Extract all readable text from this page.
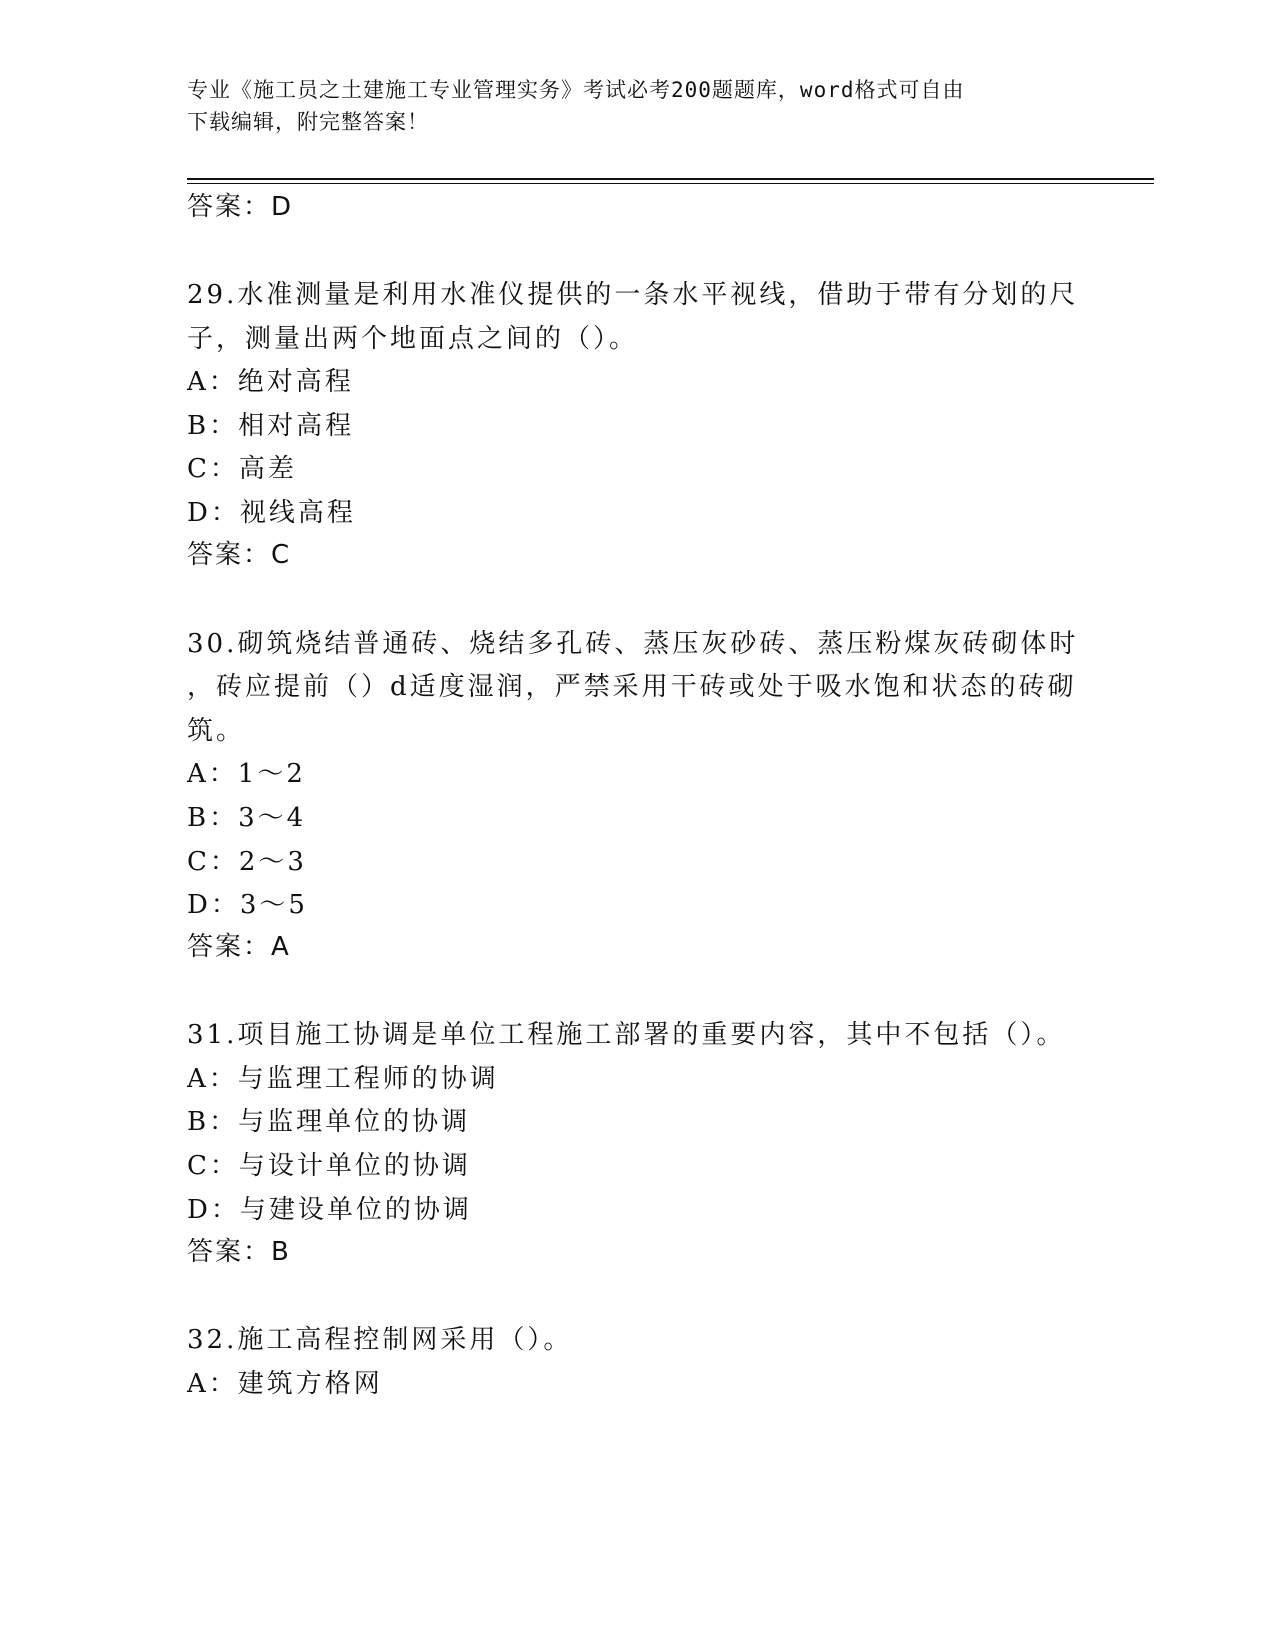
专业《施工员之土建施工专业管理实务》考试必考200题题库，word格式可自由
下载编辑，附完整答案！
答案：D
29.水准测量是利用水准仪提供的一条水平视线，借助于带有分划的尺
子，测量出两个地面点之间的（）。
A：绝对高程
B：相对高程
C：高差
D：视线高程
答案：C
30.砌筑烧结普通砖、烧结多孔砖、蒸压灰砂砖、蒸压粉煤灰砖砌体时
，砖应提前（）d适度湿润，严禁采用干砖或处于吸水饱和状态的砖砌
筑。
A：1～2
B：3～4
C：2～3
D：3～5
答案：A
31.项目施工协调是单位工程施工部署的重要内容，其中不包括（）。
A：与监理工程师的协调
B：与监理单位的协调
C：与设计单位的协调
D：与建设单位的协调
答案：B
32.施工高程控制网采用（）。
A：建筑方格网
